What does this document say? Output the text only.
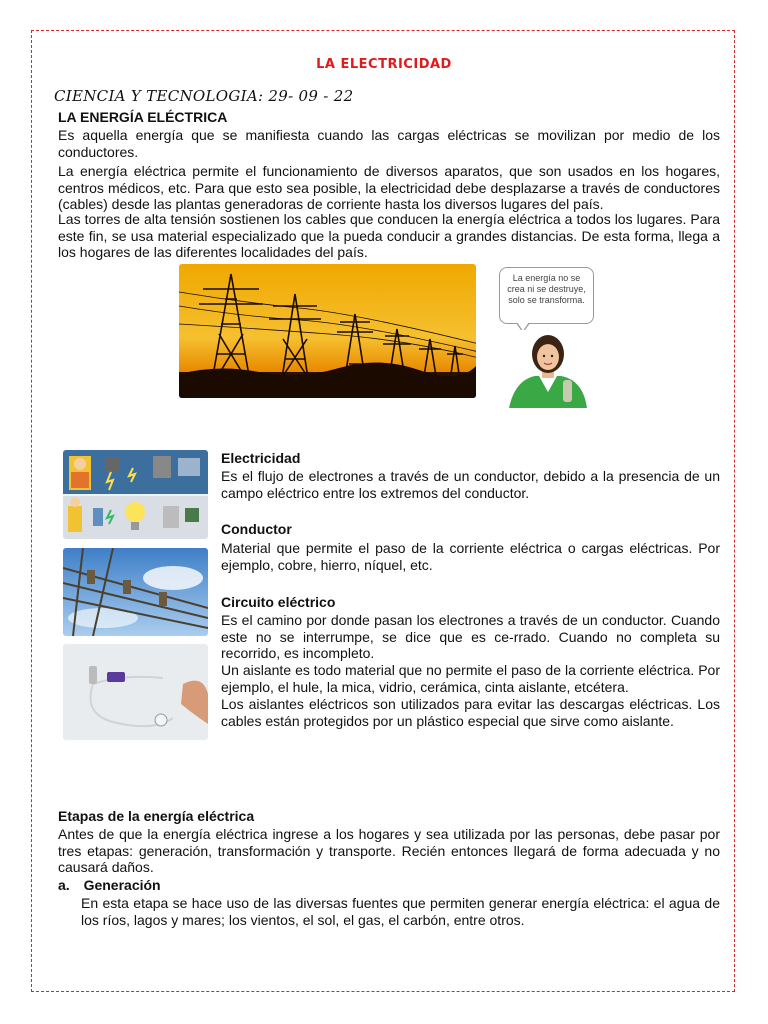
LA ELECTRICIDAD
CIENCIA Y TECNOLOGIA: 29- 09 - 22
LA ENERGÍA ELÉCTRICA

Es aquella energía que se manifiesta cuando las cargas eléctricas se movilizan por medio de los conductores.

La energía eléctrica permite el funcionamiento de diversos aparatos, que son usados en los hogares, centros médicos, etc. Para que esto sea posible, la electricidad debe desplazarse a través de conductores (cables) desde las plantas generadoras de corriente hasta los diversos lugares del país.

Las torres de alta tensión sostienen los cables que conducen la energía eléctrica a todos los lugares. Para este fin, se usa material especializado que la pueda conducir a grandes distancias. De esta forma, llega a los hogares de las diferentes localidades del país.

La energía no se crea ni se destruye, solo se transforma.
Electricidad

Es el flujo de electrones a través de un conductor, debido a la presencia de un campo eléctrico entre los extremos del conductor.

Conductor

Material que permite el paso de la corriente eléctrica o cargas eléctricas. Por ejemplo, cobre, hierro, níquel, etc.

Circuito eléctrico

Es el camino por donde pasan los electrones a través de un conductor. Cuando este no se interrumpe, se dice que es ce-rrado. Cuando no completa su recorrido, es incompleto.

Un aislante es todo material que no permite el paso de la corriente eléctrica. Por ejemplo, el hule, la mica, vidrio, cerámica, cinta aislante, etcétera.

Los aislantes eléctricos son utilizados para evitar las descargas eléctricas. Los cables están protegidos por un plástico especial que sirve como aislante.

Etapas de la energía eléctrica

Antes de que la energía eléctrica ingrese a los hogares y sea utilizada por las personas, debe pasar por tres etapas: generación, transformación y transporte. Recién entonces llegará de forma adecuada y no causará daños.

a. Generación

En esta etapa se hace uso de las diversas fuentes que permiten generar energía eléctrica: el agua de los ríos, lagos y mares; los vientos, el sol, el gas, el carbón, entre otros.
